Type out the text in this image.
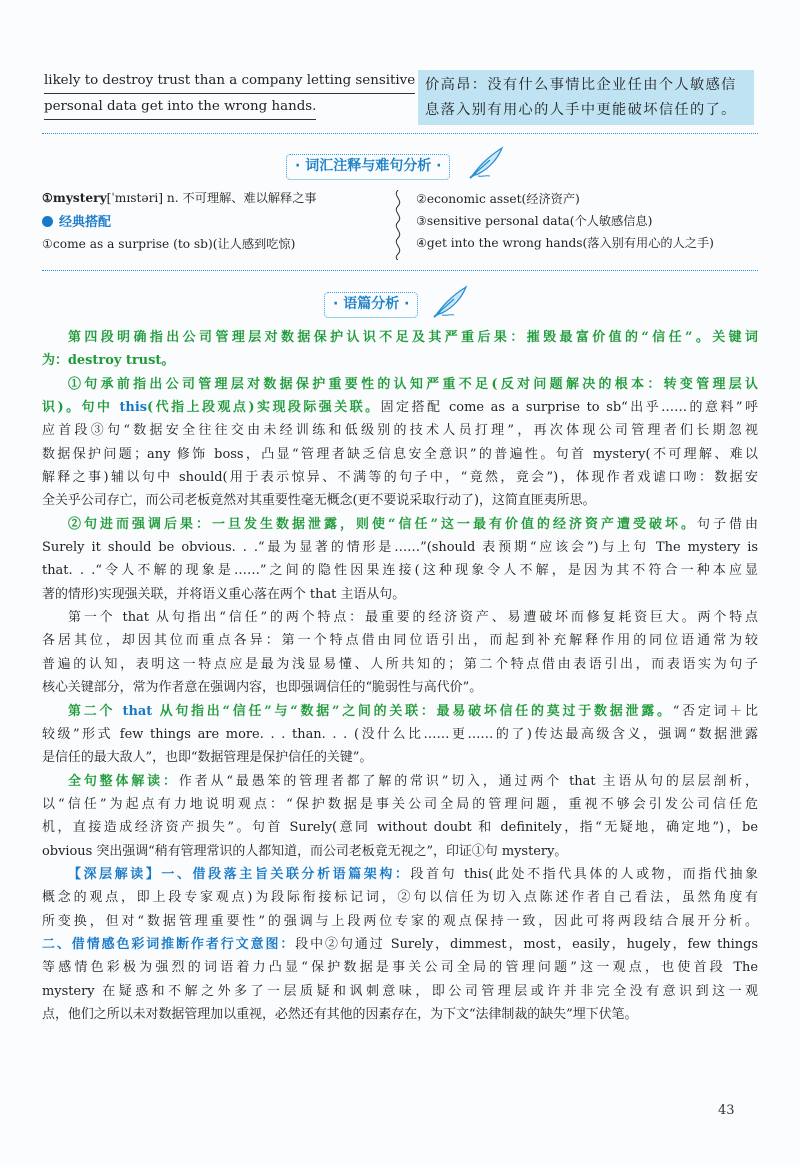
likely to destroy trust than a company letting sensitive
personal data get into the wrong hands.
价高昂：没有什么事情比企业任由个人敏感信
息落入别有用心的人手中更能破坏信任的了。
· 词汇注释与难句分析 ·
①mystery[ˈmɪstəri] n. 不可理解、难以解释之事
经典搭配
①come as a surprise (to sb)(让人感到吃惊)
②economic asset(经济资产)
③sensitive personal data(个人敏感信息)
④get into the wrong hands(落入别有用心的人之手)
· 语篇分析 ·
第四段明确指出公司管理层对数据保护认识不足及其严重后果：摧毁最富价值的“信任”。关键词
为：destroy trust。
①句承前指出公司管理层对数据保护重要性的认知严重不足(反对问题解决的根本：转变管理层认
识)。句中 this(代指上段观点)实现段际强关联。固定搭配 come as a surprise to sb“出乎……的意料”呼
应首段③句“数据安全往往交由未经训练和低级别的技术人员打理”，再次体现公司管理者们长期忽视
数据保护问题；any 修饰 boss，凸显“管理者缺乏信息安全意识”的普遍性。句首 mystery(不可理解、难以
解释之事)辅以句中 should(用于表示惊异、不满等的句子中，“竟然，竟会”)，体现作者戏谑口吻：数据安
全关乎公司存亡，而公司老板竟然对其重要性毫无概念(更不要说采取行动了)，这简直匪夷所思。
②句进而强调后果：一旦发生数据泄露，则使“信任”这一最有价值的经济资产遭受破坏。句子借由
Surely it should be obvious. . .“最为显著的情形是……”(should 表预期“应该会”)与上句 The mystery is
that. . .“令人不解的现象是……”之间的隐性因果连接(这种现象令人不解，是因为其不符合一种本应显
著的情形)实现强关联，并将语义重心落在两个 that 主语从句。
第一个 that 从句指出“信任”的两个特点：最重要的经济资产、易遭破坏而修复耗资巨大。两个特点
各居其位，却因其位而重点各异：第一个特点借由同位语引出，而起到补充解释作用的同位语通常为较
普遍的认知，表明这一特点应是最为浅显易懂、人所共知的；第二个特点借由表语引出，而表语实为句子
核心关键部分，常为作者意在强调内容，也即强调信任的“脆弱性与高代价”。
第二个 that 从句指出“信任”与“数据”之间的关联：最易破坏信任的莫过于数据泄露。“否定词＋比
较级”形式 few things are more. . . than. . . (没什么比……更……的了)传达最高级含义，强调“数据泄露
是信任的最大敌人”，也即“数据管理是保护信任的关键”。
全句整体解读：作者从“最愚笨的管理者都了解的常识”切入，通过两个 that 主语从句的层层剖析，
以“信任”为起点有力地说明观点：“保护数据是事关公司全局的管理问题，重视不够会引发公司信任危
机，直接造成经济资产损失”。句首 Surely(意同 without doubt 和 definitely，指“无疑地，确定地”)，be
obvious 突出强调“稍有管理常识的人都知道，而公司老板竟无视之”，印证①句 mystery。
【深层解读】一、借段落主旨关联分析语篇架构：段首句 this(此处不指代具体的人或物，而指代抽象
概念的观点，即上段专家观点)为段际衔接标记词，②句以信任为切入点陈述作者自己看法，虽然角度有
所变换，但对“数据管理重要性”的强调与上段两位专家的观点保持一致，因此可将两段结合展开分析。
二、借情感色彩词推断作者行文意图：段中②句通过 Surely，dimmest，most，easily，hugely，few things
等感情色彩极为强烈的词语着力凸显“保护数据是事关公司全局的管理问题”这一观点，也使首段 The
mystery 在疑惑和不解之外多了一层质疑和讽刺意味，即公司管理层或许并非完全没有意识到这一观
点，他们之所以未对数据管理加以重视，必然还有其他的因素存在，为下文“法律制裁的缺失”埋下伏笔。
43
